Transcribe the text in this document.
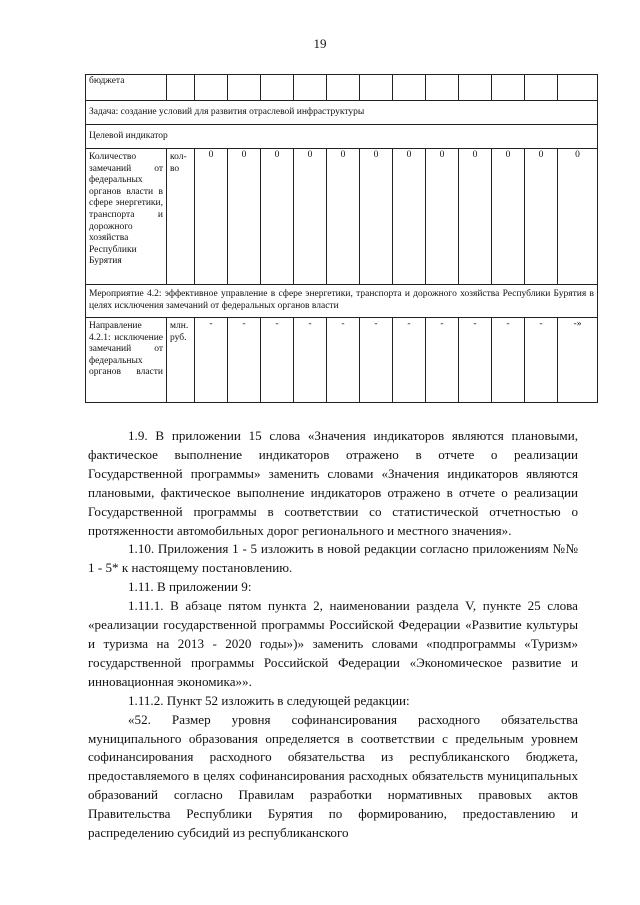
19
бюджета													
Задача: создание условий для развития отраслевой инфраструктуры													
Целевой индикатор													
Количество замечаний от федеральных органов власти в сфере энергетики, транспорта и дорожного хозяйства Республики Бурятия	кол-во	0	0	0	0	0	0	0	0	0	0	0	0
Мероприятие 4.2: эффективное управление в сфере энергетики, транспорта и дорожного хозяйства Республики Бурятия в целях исключения замечаний от федеральных органов власти													
Направление 4.2.1: исключение замечаний от федеральных органов власти	млн. руб.	-	-	-	-	-	-	-	-	-	-	-	-»

1.9. В приложении 15 слова «Значения индикаторов являются плановыми, фактическое выполнение индикаторов отражено в отчете о реализации Государственной программы» заменить словами «Значения индикаторов являются плановыми, фактическое выполнение индикаторов отражено в отчете о реализации Государственной программы в соответствии со статистической отчетностью о протяженности автомобильных дорог регионального и местного значения».

1.10. Приложения 1 - 5 изложить в новой редакции согласно приложениям №№ 1 - 5* к настоящему постановлению.

1.11. В приложении 9:

1.11.1. В абзаце пятом пункта 2, наименовании раздела V, пункте 25 слова «реализации государственной программы Российской Федерации «Развитие культуры и туризма на 2013 - 2020 годы»)» заменить словами «подпрограммы «Туризм» государственной программы Российской Федерации «Экономическое развитие и инновационная экономика»».

1.11.2. Пункт 52 изложить в следующей редакции:

«52. Размер уровня софинансирования расходного обязательства муниципального образования определяется в соответствии с предельным уровнем софинансирования расходного обязательства из республиканского бюджета, предоставляемого в целях софинансирования расходных обязательств муниципальных образований согласно Правилам разработки нормативных правовых актов Правительства Республики Бурятия по формированию, предоставлению и распределению субсидий из республиканского
